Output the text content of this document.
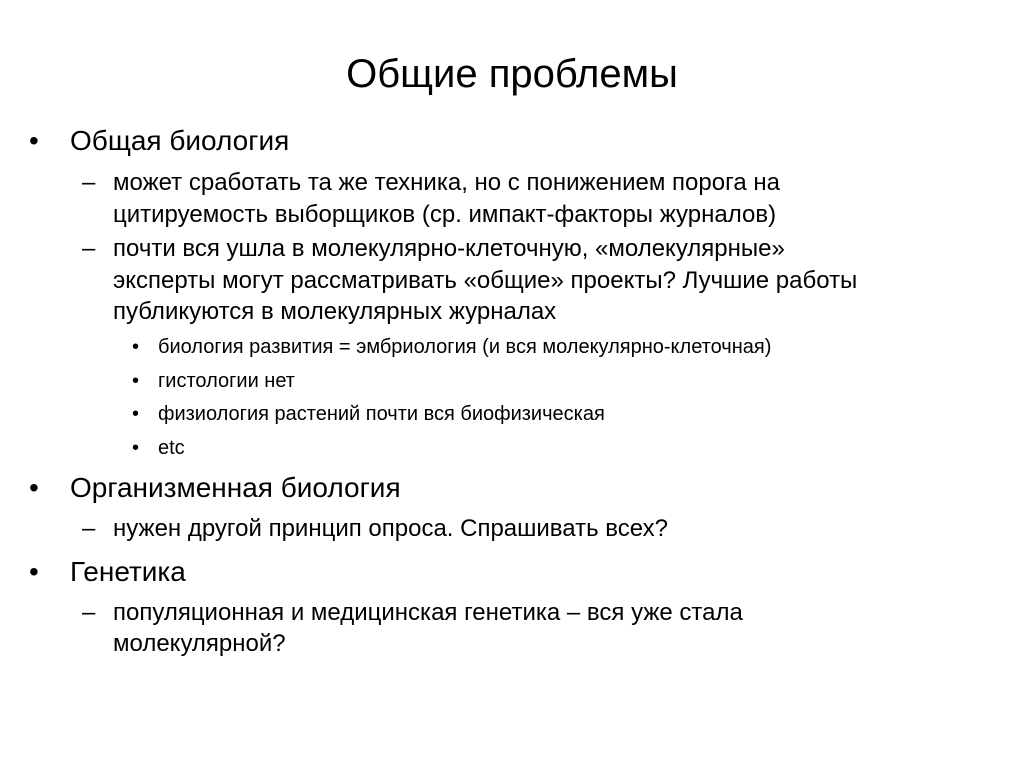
Общие проблемы
• Общая биология
– может сработать та же техника, но с понижением порога на
цитируемость выборщиков (ср. импакт-факторы журналов)
– почти вся ушла в молекулярно-клеточную, «молекулярные»
эксперты могут рассматривать «общие» проекты? Лучшие работы
публикуются в молекулярных журналах
• биология развития = эмбриология (и вся молекулярно-клеточная)
• гистологии нет
• физиология растений почти вся биофизическая
• etc
• Организменная биология
– нужен другой принцип опроса. Спрашивать всех?
• Генетика
– популяционная и медицинская генетика – вся уже стала
молекулярной?
